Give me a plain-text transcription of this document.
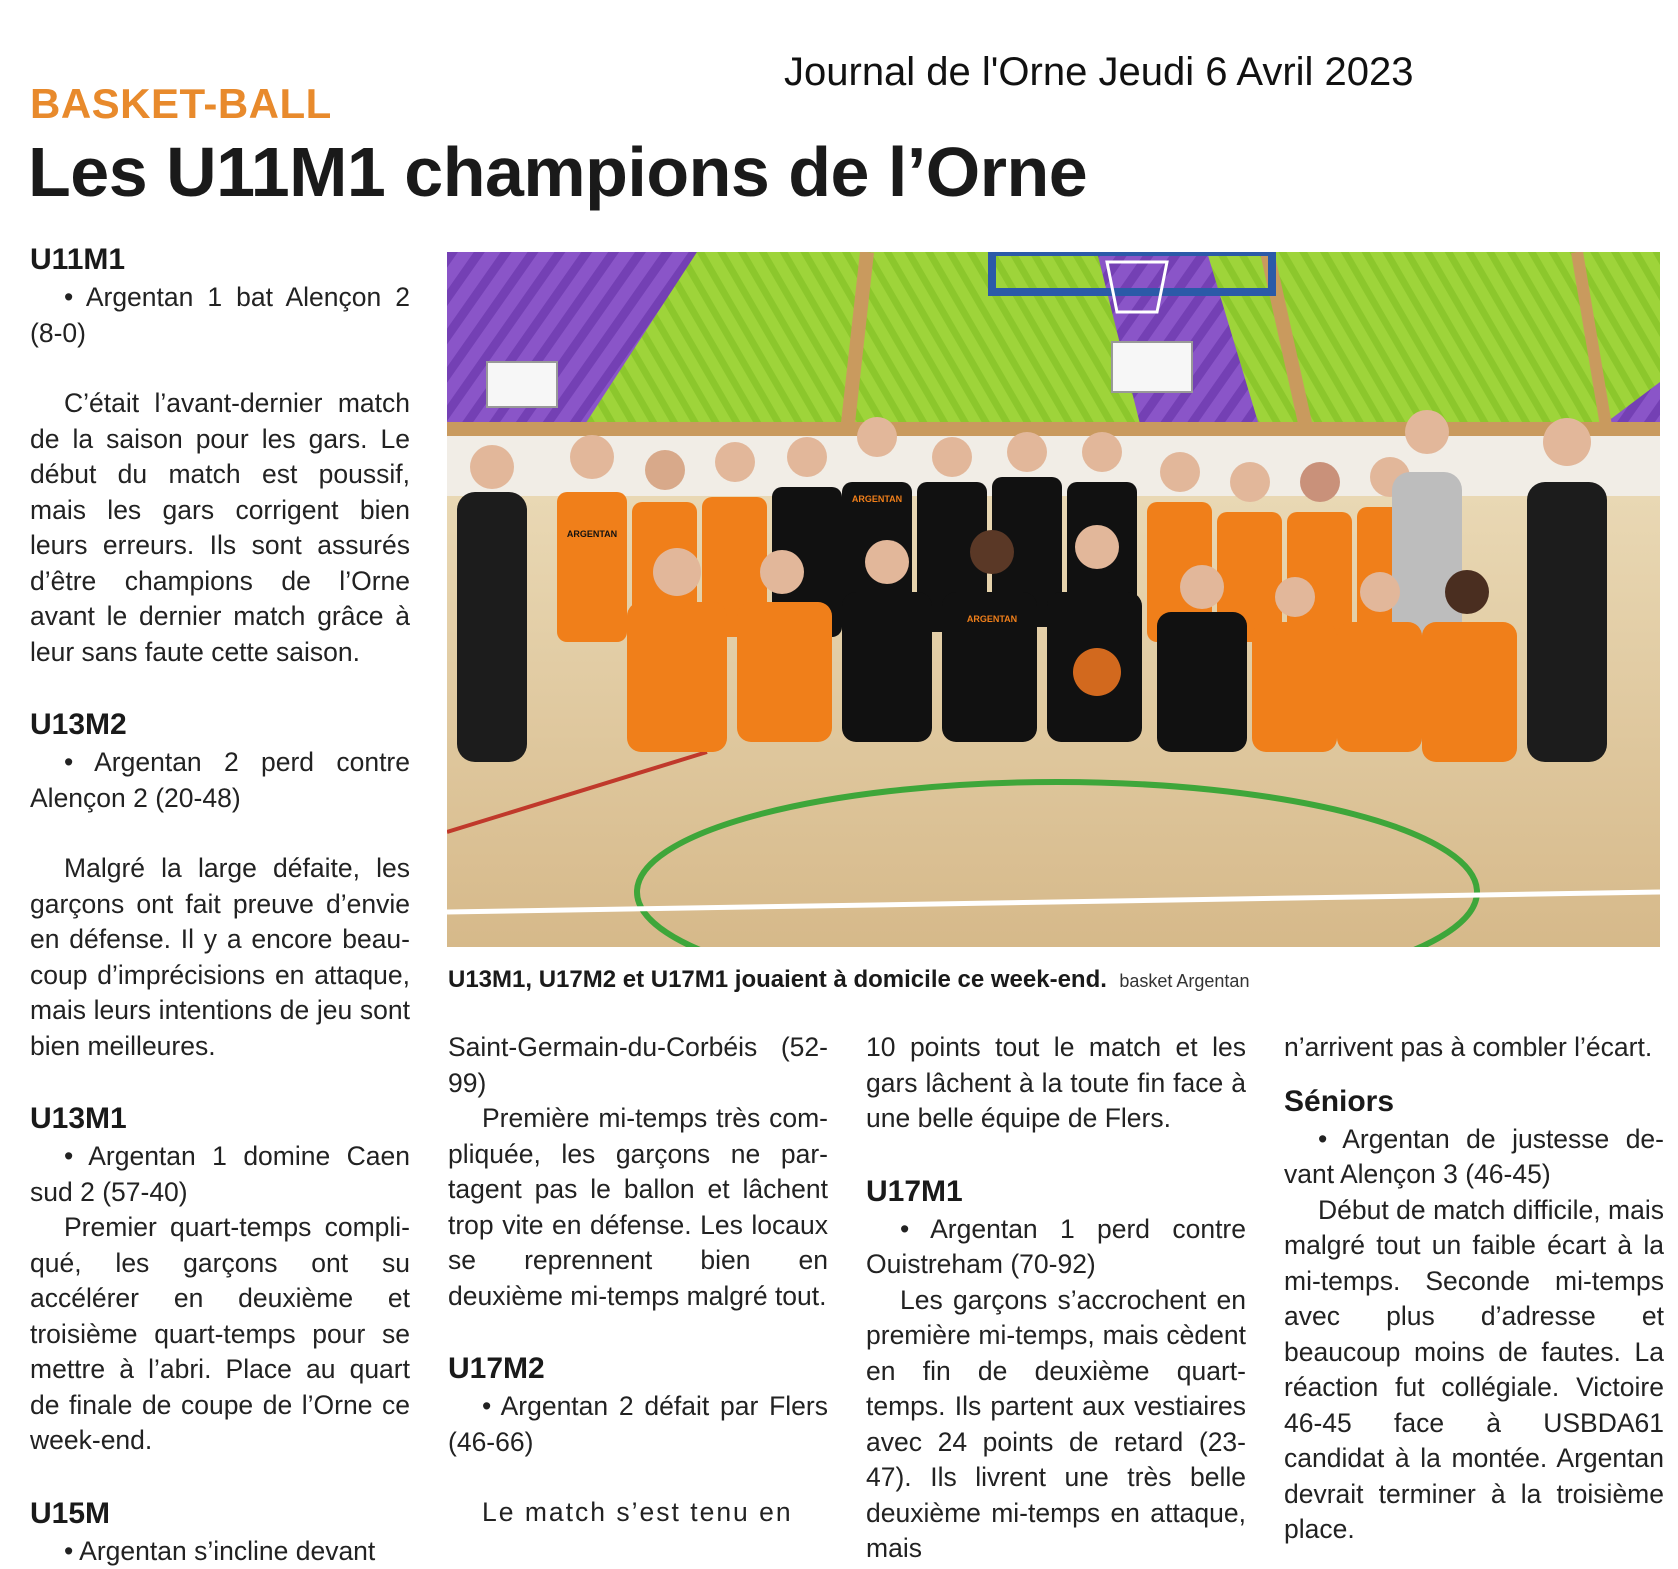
Journal de l'Orne Jeudi 6 Avril 2023
BASKET-BALL
Les U11M1 champions de l’Orne
U11M1

• Argentan 1 bat Alençon 2 (8-0)

C’était l’avant-dernier match de la saison pour les gars. Le début du match est poussif, mais les gars corrigent bien leurs erreurs. Ils sont assurés d’être champions de l’Orne avant le dernier match grâce à leur sans faute cette saison.

U13M2

• Argentan 2 perd contre Alençon 2 (20-48)

Malgré la large défaite, les garçons ont fait preuve d’envie en défense. Il y a encore beau-coup d’imprécisions en attaque, mais leurs intentions de jeu sont bien meilleures.

U13M1

• Argentan 1 domine Caen sud 2 (57-40)

Premier quart-temps compli-qué, les garçons ont su accélérer en deuxième et troisième quart-temps pour se mettre à l’abri. Place au quart de finale de coupe de l’Orne ce week-end.

U15M

• Argentan s’incline devant

ARGENTAN
ARGENTAN
ARGENTAN
U13M1, U17M2 et U17M1 jouaient à domicile ce week-end. basket Argentan

Saint-Germain-du-Corbéis (52-99)

Première mi-temps très com-pliquée, les garçons ne par-tagent pas le ballon et lâchent trop vite en défense. Les locaux se reprennent bien en deuxième mi-temps malgré tout.

U17M2

• Argentan 2 défait par Flers (46-66)

Le match s’est tenu en

10 points tout le match et les gars lâchent à la toute fin face à une belle équipe de Flers.

U17M1

• Argentan 1 perd contre Ouistreham (70-92)

Les garçons s’accrochent en première mi-temps, mais cèdent en fin de deuxième quart-temps. Ils partent aux vestiaires avec 24 points de retard (23-47). Ils livrent une très belle deuxième mi-temps en attaque, mais

n’arrivent pas à combler l’écart.

Séniors

• Argentan de justesse de-vant Alençon 3 (46-45)

Début de match difficile, mais malgré tout un faible écart à la mi-temps. Seconde mi-temps avec plus d’adresse et beaucoup moins de fautes. La réaction fut collégiale. Victoire 46-45 face à USBDA61 candidat à la montée. Argentan devrait terminer à la troisième place.
